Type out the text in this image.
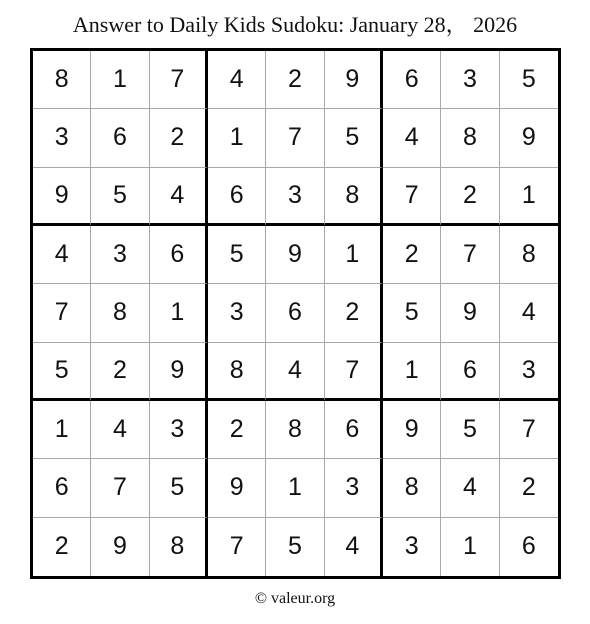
Answer to Daily Kids Sudoku: January 28， 2026
8	1	7	4	2	9	6	3	5
3	6	2	1	7	5	4	8	9
9	5	4	6	3	8	7	2	1
4	3	6	5	9	1	2	7	8
7	8	1	3	6	2	5	9	4
5	2	9	8	4	7	1	6	3
1	4	3	2	8	6	9	5	7
6	7	5	9	1	3	8	4	2
2	9	8	7	5	4	3	1	6
© valeur.org
